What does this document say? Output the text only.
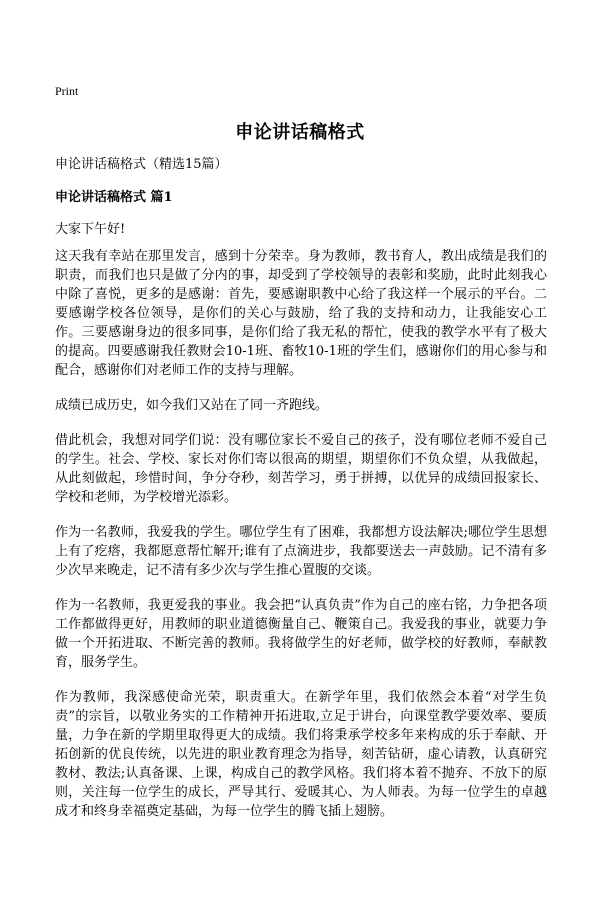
Print
申论讲话稿格式
申论讲话稿格式（精选15篇）
申论讲话稿格式 篇1
大家下午好!

这天我有幸站在那里发言，感到十分荣幸。身为教师，教书育人，教出成绩是我们的职责，而我们也只是做了分内的事，却受到了学校领导的表彰和奖励，此时此刻我心中除了喜悦，更多的是感谢：首先，要感谢职教中心给了我这样一个展示的平台。二要感谢学校各位领导，是你们的关心与鼓励，给了我的支持和动力，让我能安心工作。三要感谢身边的很多同事，是你们给了我无私的帮忙，使我的教学水平有了极大的提高。四要感谢我任教财会10-1班、畜牧10-1班的学生们，感谢你们的用心参与和配合，感谢你们对老师工作的支持与理解。

成绩已成历史，如今我们又站在了同一齐跑线。

借此机会，我想对同学们说：没有哪位家长不爱自己的孩子，没有哪位老师不爱自己的学生。社会、学校、家长对你们寄以很高的期望，期望你们不负众望，从我做起，从此刻做起，珍惜时间，争分夺秒，刻苦学习，勇于拼搏，以优异的成绩回报家长、学校和老师，为学校增光添彩。

作为一名教师，我爱我的学生。哪位学生有了困难，我都想方设法解决;哪位学生思想上有了疙瘩，我都愿意帮忙解开;谁有了点滴进步，我都要送去一声鼓励。记不清有多少次早来晚走，记不清有多少次与学生推心置腹的交谈。

作为一名教师，我更爱我的事业。我会把“认真负责”作为自己的座右铭，力争把各项工作都做得更好，用教师的职业道德衡量自己、鞭策自己。我爱我的事业，就要力争做一个开拓进取、不断完善的教师。我将做学生的好老师，做学校的好教师，奉献教育，服务学生。

作为教师，我深感使命光荣，职责重大。在新学年里，我们依然会本着“对学生负责”的宗旨，以敬业务实的工作精神开拓进取,立足于讲台，向课堂教学要效率、要质量，力争在新的学期里取得更大的成绩。我们将秉承学校多年来构成的乐于奉献、开拓创新的优良传统，以先进的职业教育理念为指导，刻苦钻研，虚心请教，认真研究教材、教法;认真备课、上课，构成自己的教学风格。我们将本着不抛弃、不放下的原则，关注每一位学生的成长，严导其行、爱暖其心、为人师表。为每一位学生的卓越成才和终身幸福奠定基础，为每一位学生的腾飞插上翅膀。
